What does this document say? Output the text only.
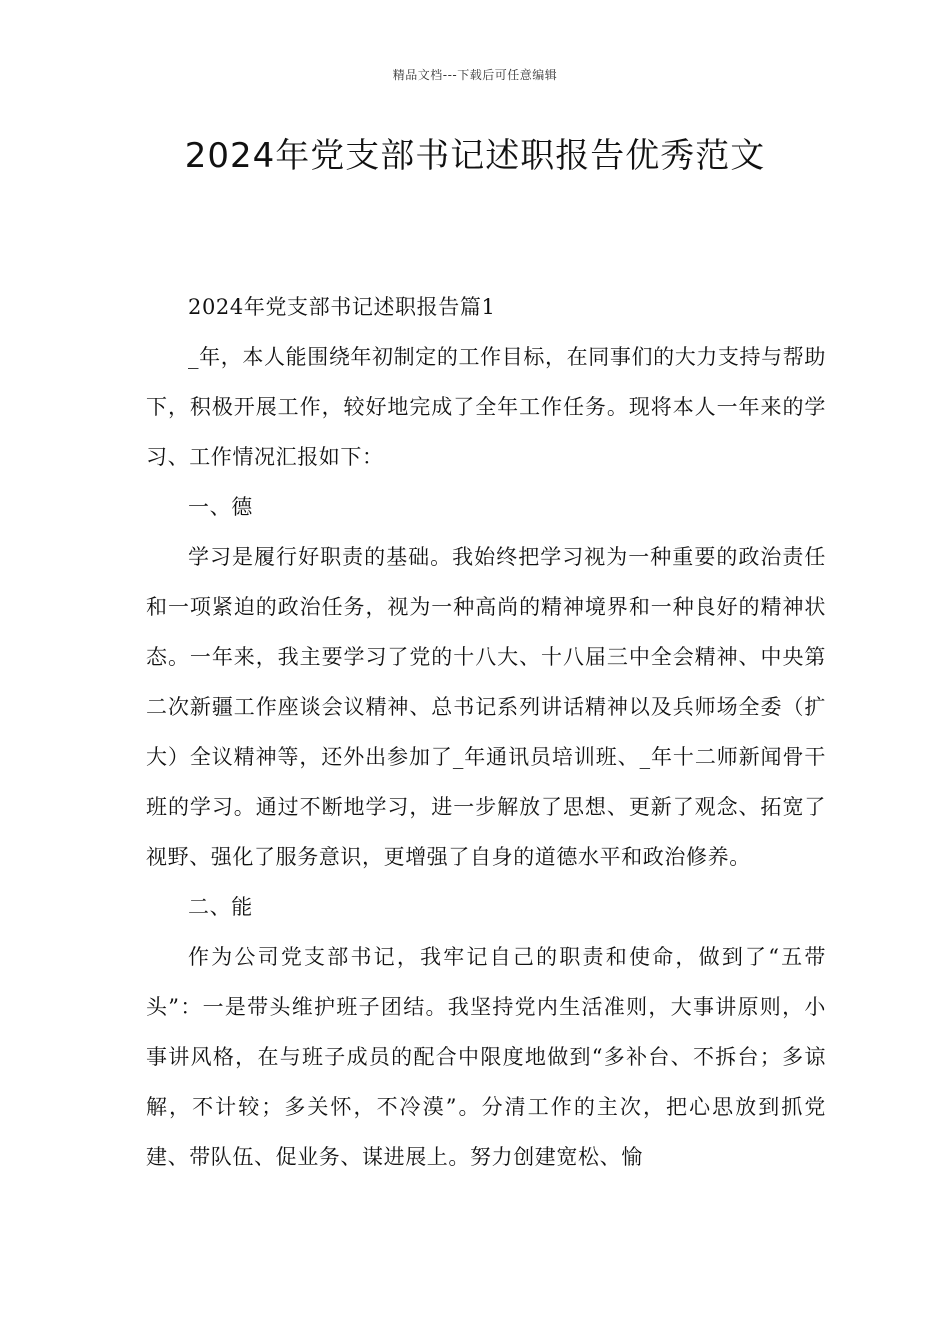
精品文档---下载后可任意编辑
2024年党支部书记述职报告优秀范文

2024年党支部书记述职报告篇1

_年，本人能围绕年初制定的工作目标，在同事们的大力支持与帮助下，积极开展工作，较好地完成了全年工作任务。现将本人一年来的学习、工作情况汇报如下：

一、德

学习是履行好职责的基础。我始终把学习视为一种重要的政治责任和一项紧迫的政治任务，视为一种高尚的精神境界和一种良好的精神状态。一年来，我主要学习了党的十八大、十八届三中全会精神、中央第二次新疆工作座谈会议精神、总书记系列讲话精神以及兵师场全委（扩大）全议精神等，还外出参加了_年通讯员培训班、_年十二师新闻骨干班的学习。通过不断地学习，进一步解放了思想、更新了观念、拓宽了视野、强化了服务意识，更增强了自身的道德水平和政治修养。

二、能

作为公司党支部书记，我牢记自己的职责和使命，做到了“五带头”：一是带头维护班子团结。我坚持党内生活准则，大事讲原则，小事讲风格，在与班子成员的配合中限度地做到“多补台、不拆台；多谅解，不计较；多关怀，不冷漠”。分清工作的主次，把心思放到抓党建、带队伍、促业务、谋进展上。努力创建宽松、愉
